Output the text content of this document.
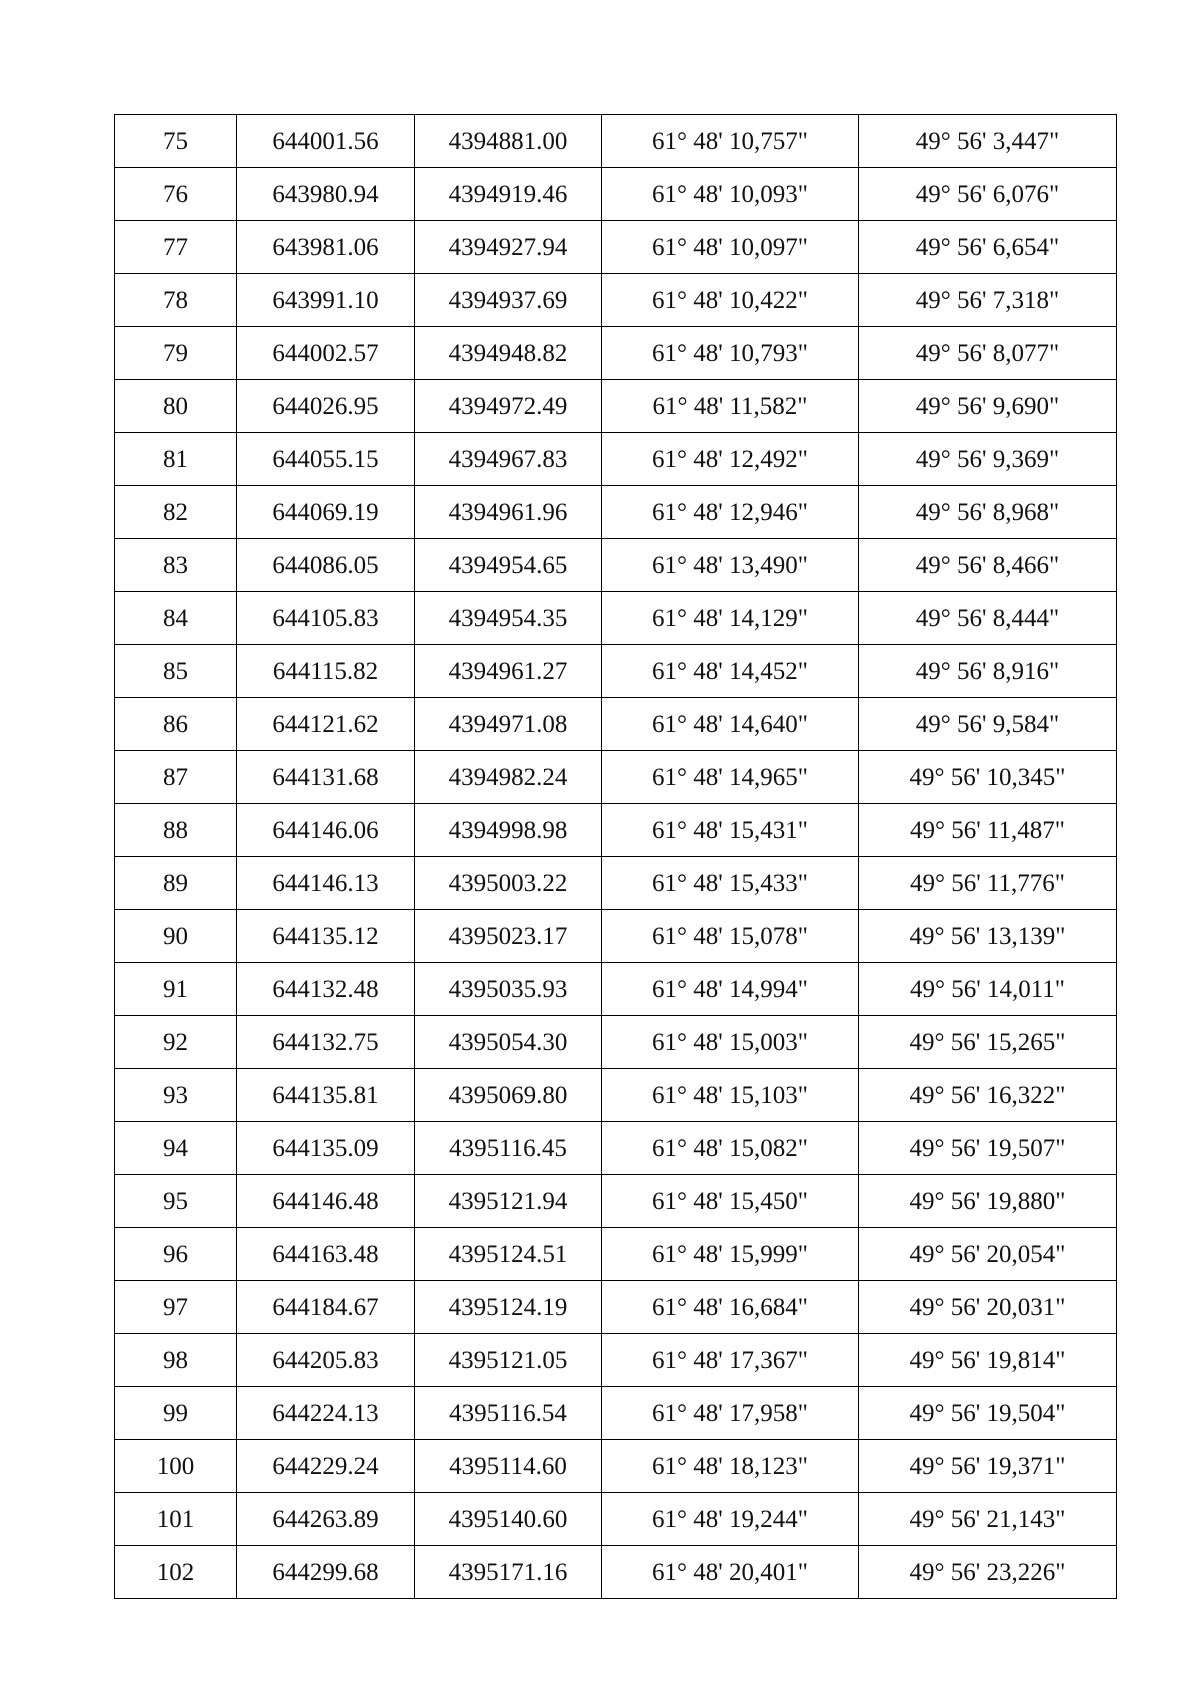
75	644001.56	4394881.00	61° 48' 10,757"	49° 56' 3,447"
76	643980.94	4394919.46	61° 48' 10,093"	49° 56' 6,076"
77	643981.06	4394927.94	61° 48' 10,097"	49° 56' 6,654"
78	643991.10	4394937.69	61° 48' 10,422"	49° 56' 7,318"
79	644002.57	4394948.82	61° 48' 10,793"	49° 56' 8,077"
80	644026.95	4394972.49	61° 48' 11,582"	49° 56' 9,690"
81	644055.15	4394967.83	61° 48' 12,492"	49° 56' 9,369"
82	644069.19	4394961.96	61° 48' 12,946"	49° 56' 8,968"
83	644086.05	4394954.65	61° 48' 13,490"	49° 56' 8,466"
84	644105.83	4394954.35	61° 48' 14,129"	49° 56' 8,444"
85	644115.82	4394961.27	61° 48' 14,452"	49° 56' 8,916"
86	644121.62	4394971.08	61° 48' 14,640"	49° 56' 9,584"
87	644131.68	4394982.24	61° 48' 14,965"	49° 56' 10,345"
88	644146.06	4394998.98	61° 48' 15,431"	49° 56' 11,487"
89	644146.13	4395003.22	61° 48' 15,433"	49° 56' 11,776"
90	644135.12	4395023.17	61° 48' 15,078"	49° 56' 13,139"
91	644132.48	4395035.93	61° 48' 14,994"	49° 56' 14,011"
92	644132.75	4395054.30	61° 48' 15,003"	49° 56' 15,265"
93	644135.81	4395069.80	61° 48' 15,103"	49° 56' 16,322"
94	644135.09	4395116.45	61° 48' 15,082"	49° 56' 19,507"
95	644146.48	4395121.94	61° 48' 15,450"	49° 56' 19,880"
96	644163.48	4395124.51	61° 48' 15,999"	49° 56' 20,054"
97	644184.67	4395124.19	61° 48' 16,684"	49° 56' 20,031"
98	644205.83	4395121.05	61° 48' 17,367"	49° 56' 19,814"
99	644224.13	4395116.54	61° 48' 17,958"	49° 56' 19,504"
100	644229.24	4395114.60	61° 48' 18,123"	49° 56' 19,371"
101	644263.89	4395140.60	61° 48' 19,244"	49° 56' 21,143"
102	644299.68	4395171.16	61° 48' 20,401"	49° 56' 23,226"
